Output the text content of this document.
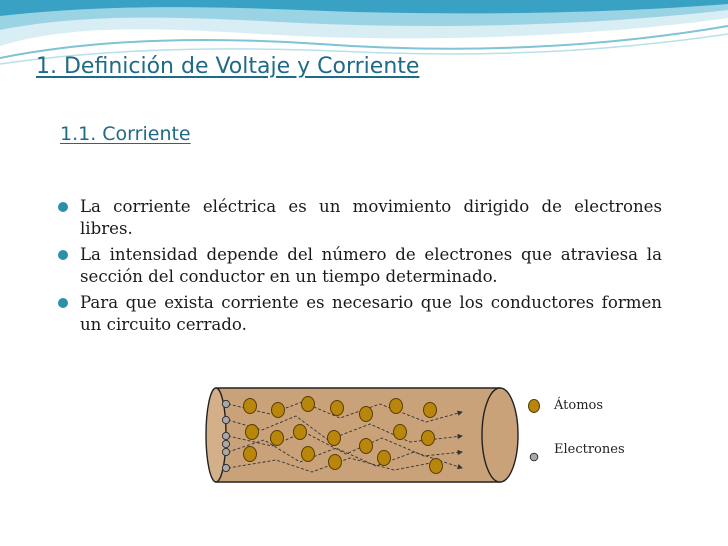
1. Definición de Voltaje y Corriente
1.1. Corriente
La corriente eléctrica es un movimiento dirigido de electrones libres.
La intensidad depende del número de electrones que atraviesa la sección del conductor en un tiempo determinado.
Para que exista corriente es necesario que los conductores formen un circuito cerrado.
Átomos
Electrones
